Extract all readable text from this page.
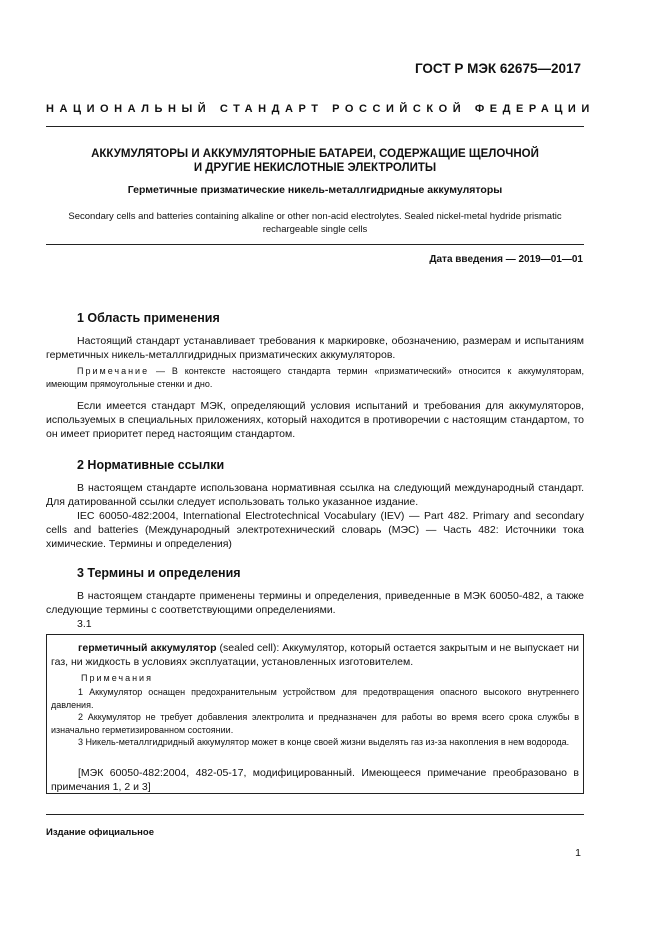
ГОСТ Р МЭК 62675—2017
НАЦИОНАЛЬНЫЙ СТАНДАРТ РОССИЙСКОЙ ФЕДЕРАЦИИ
АККУМУЛЯТОРЫ И АККУМУЛЯТОРНЫЕ БАТАРЕИ, СОДЕРЖАЩИЕ ЩЕЛОЧНОЙ
И ДРУГИЕ НЕКИСЛОТНЫЕ ЭЛЕКТРОЛИТЫ
Герметичные призматические никель-металлгидридные аккумуляторы
Secondary cells and batteries containing alkaline or other non-acid electrolytes. Sealed nickel-metal hydride prismatic
rechargeable single cells
Дата введения — 2019—01—01
1 Область применения
Настоящий стандарт устанавливает требования к маркировке, обозначению, размерам и испытаниям герметичных никель-металлгидридных призматических аккумуляторов.
Примечание — В контексте настоящего стандарта термин «призматический» относится к аккумуляторам, имеющим прямоугольные стенки и дно.
Если имеется стандарт МЭК, определяющий условия испытаний и требования для аккумуляторов, используемых в специальных приложениях, который находится в противоречии с настоящим стандартом, то он имеет приоритет перед настоящим стандартом.
2 Нормативные ссылки
В настоящем стандарте использована нормативная ссылка на следующий международный стандарт. Для датированной ссылки следует использовать только указанное издание.
IEC 60050-482:2004, International Electrotechnical Vocabulary (IEV) — Part 482. Primary and secondary cells and batteries (Международный электротехнический словарь (МЭС) — Часть 482: Источники тока химические. Термины и определения)
3 Термины и определения
В настоящем стандарте применены термины и определения, приведенные в МЭК 60050-482, а также следующие термины с соответствующими определениями.
3.1
герметичный аккумулятор (sealed cell): Аккумулятор, который остается закрытым и не выпускает ни газ, ни жидкость в условиях эксплуатации, установленных изготовителем.
Примечания
1 Аккумулятор оснащен предохранительным устройством для предотвращения опасного высокого внутреннего давления.
2 Аккумулятор не требует добавления электролита и предназначен для работы во время всего срока службы в изначально герметизированном состоянии.
3 Никель-металлгидридный аккумулятор может в конце своей жизни выделять газ из-за накопления в нем водорода.
[МЭК 60050-482:2004, 482-05-17, модифицированный. Имеющееся примечание преобразовано в примечания 1, 2 и 3]
Издание официальное
1
